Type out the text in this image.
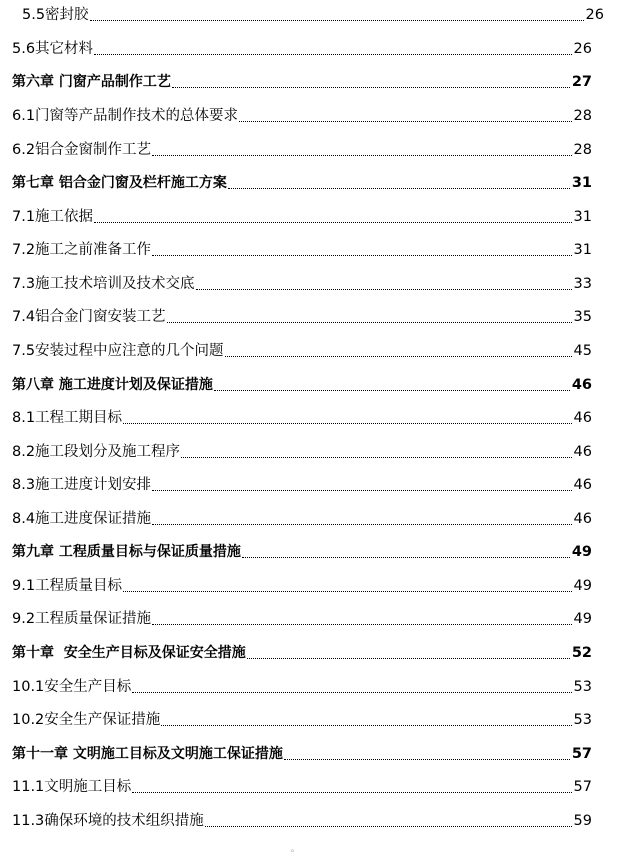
5.5密封胶	26
5.6其它材料	26
第六章 门窗产品制作工艺	27
6.1门窗等产品制作技术的总体要求	28
6.2铝合金窗制作工艺	28
第七章 铝合金门窗及栏杆施工方案	31
7.1施工依据	31
7.2施工之前准备工作	31
7.3施工技术培训及技术交底	33
7.4铝合金门窗安装工艺	35
7.5安装过程中应注意的几个问题	45
第八章 施工进度计划及保证措施	46
8.1工程工期目标	46
8.2施工段划分及施工程序	46
8.3施工进度计划安排	46
8.4施工进度保证措施	46
第九章 工程质量目标与保证质量措施	49
9.1工程质量目标	49
9.2工程质量保证措施	49
第十章  安全生产目标及保证安全措施	52
10.1安全生产目标	53
10.2安全生产保证措施	53
第十一章 文明施工目标及文明施工保证措施	57
11.1文明施工目标	57
11.3确保环境的技术组织措施	59
。
